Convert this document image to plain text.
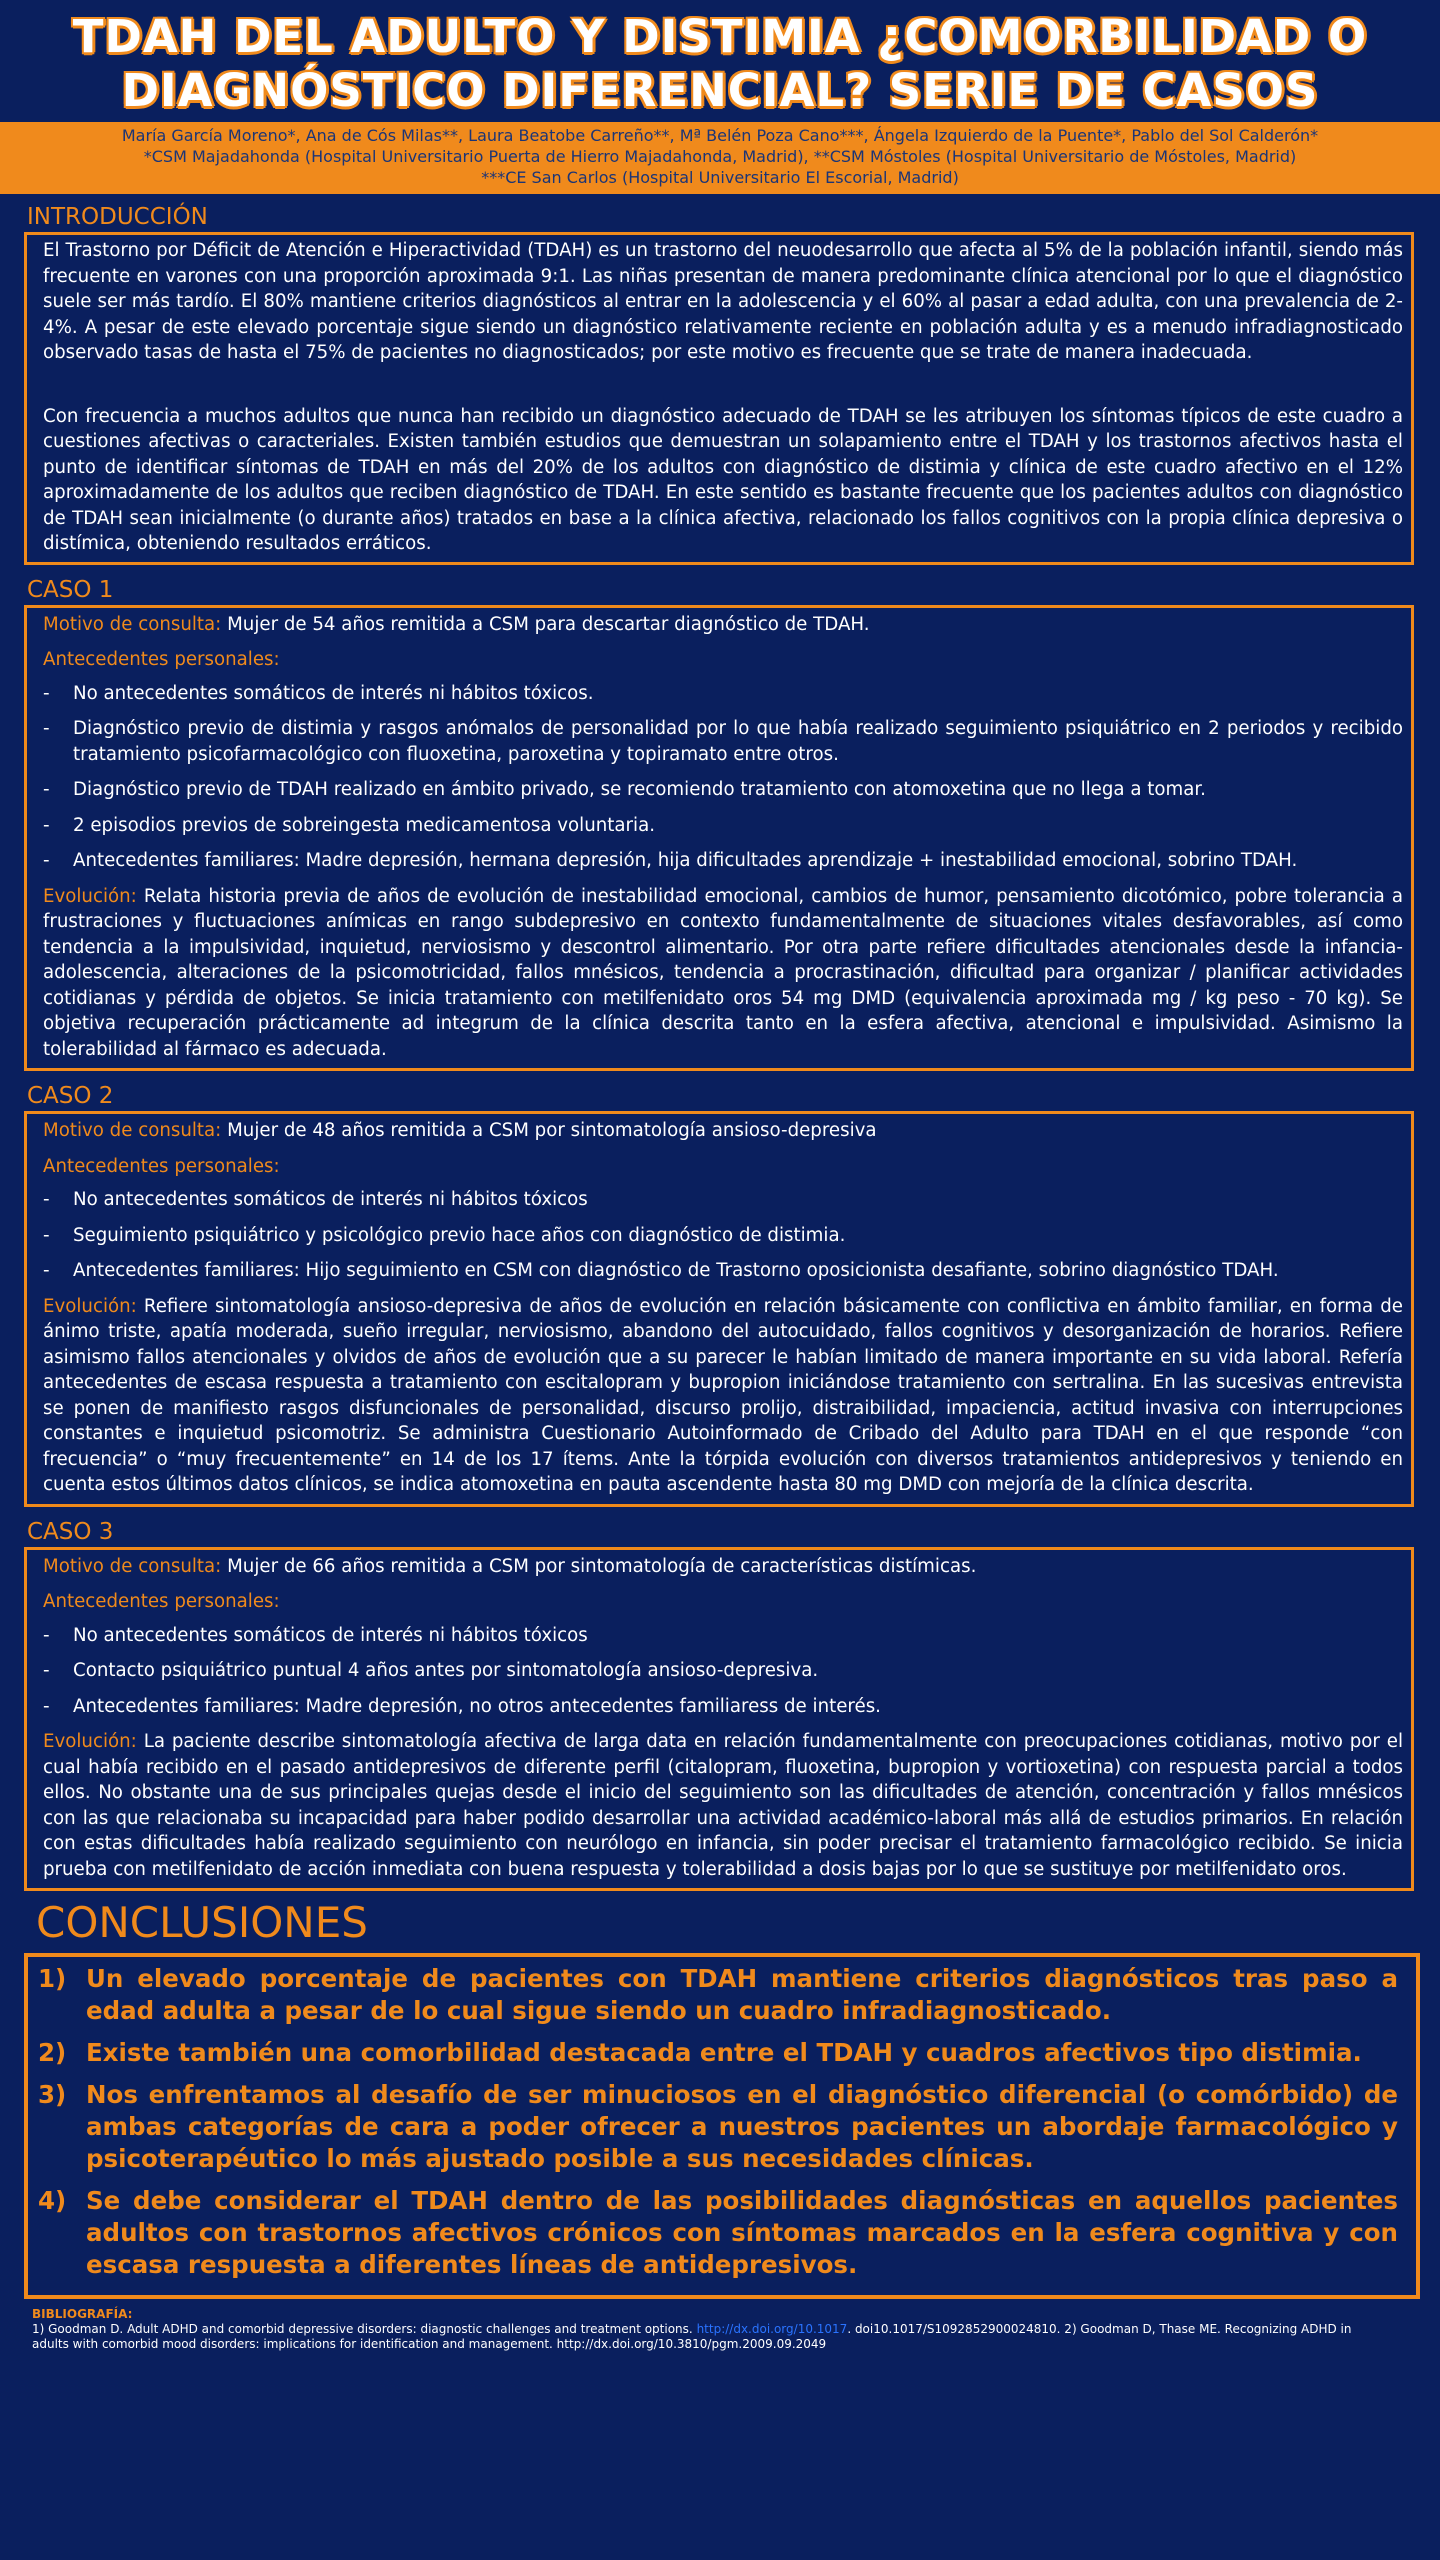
TDAH DEL ADULTO Y DISTIMIA ¿COMORBILIDAD O
DIAGNÓSTICO DIFERENCIAL? SERIE DE CASOS
María García Moreno*, Ana de Cós Milas**, Laura Beatobe Carreño**, Mª Belén Poza Cano***, Ángela Izquierdo de la Puente*, Pablo del Sol Calderón*
*CSM Majadahonda (Hospital Universitario Puerta de Hierro Majadahonda, Madrid), **CSM Móstoles (Hospital Universitario de Móstoles, Madrid)
***CE San Carlos (Hospital Universitario El Escorial, Madrid)
INTRODUCCIÓN

El Trastorno por Déficit de Atención e Hiperactividad (TDAH) es un trastorno del neuodesarrollo que afecta al 5% de la población infantil, siendo más frecuente en varones con una proporción aproximada 9:1. Las niñas presentan de manera predominante clínica atencional por lo que el diagnóstico suele ser más tardío. El 80% mantiene criterios diagnósticos al entrar en la adolescencia y el 60% al pasar a edad adulta, con una prevalencia de 2-4%. A pesar de este elevado porcentaje sigue siendo un diagnóstico relativamente reciente en población adulta y es a menudo infradiagnosticado observado tasas de hasta el 75% de pacientes no diagnosticados; por este motivo es frecuente que se trate de manera inadecuada.

Con frecuencia a muchos adultos que nunca han recibido un diagnóstico adecuado de TDAH se les atribuyen los síntomas típicos de este cuadro a cuestiones afectivas o caracteriales. Existen también estudios que demuestran un solapamiento entre el TDAH y los trastornos afectivos hasta el punto de identificar síntomas de TDAH en más del 20% de los adultos con diagnóstico de distimia y clínica de este cuadro afectivo en el 12% aproximadamente de los adultos que reciben diagnóstico de TDAH. En este sentido es bastante frecuente que los pacientes adultos con diagnóstico de TDAH sean inicialmente (o durante años) tratados en base a la clínica afectiva, relacionado los fallos cognitivos con la propia clínica depresiva o distímica, obteniendo resultados erráticos.

CASO 1

Motivo de consulta: Mujer de 54 años remitida a CSM para descartar diagnóstico de TDAH.

Antecedentes personales:

- No antecedentes somáticos de interés ni hábitos tóxicos.
- Diagnóstico previo de distimia y rasgos anómalos de personalidad por lo que había realizado seguimiento psiquiátrico en 2 periodos y recibido tratamiento psicofarmacológico con fluoxetina, paroxetina y topiramato entre otros.
- Diagnóstico previo de TDAH realizado en ámbito privado, se recomiendo tratamiento con atomoxetina que no llega a tomar.
- 2 episodios previos de sobreingesta medicamentosa voluntaria.
- Antecedentes familiares: Madre depresión, hermana depresión, hija dificultades aprendizaje + inestabilidad emocional, sobrino TDAH.

Evolución: Relata historia previa de años de evolución de inestabilidad emocional, cambios de humor, pensamiento dicotómico, pobre tolerancia a frustraciones y fluctuaciones anímicas en rango subdepresivo en contexto fundamentalmente de situaciones vitales desfavorables, así como tendencia a la impulsividad, inquietud, nerviosismo y descontrol alimentario. Por otra parte refiere dificultades atencionales desde la infancia-adolescencia, alteraciones de la psicomotricidad, fallos mnésicos, tendencia a procrastinación, dificultad para organizar / planificar actividades cotidianas y pérdida de objetos. Se inicia tratamiento con metilfenidato oros 54 mg DMD (equivalencia aproximada mg / kg peso - 70 kg). Se objetiva recuperación prácticamente ad integrum de la clínica descrita tanto en la esfera afectiva, atencional e impulsividad. Asimismo la tolerabilidad al fármaco es adecuada.

CASO 2

Motivo de consulta: Mujer de 48 años remitida a CSM por sintomatología ansioso-depresiva

Antecedentes personales:

- No antecedentes somáticos de interés ni hábitos tóxicos
- Seguimiento psiquiátrico y psicológico previo hace años con diagnóstico de distimia.
- Antecedentes familiares: Hijo seguimiento en CSM con diagnóstico de Trastorno oposicionista desafiante, sobrino diagnóstico TDAH.

Evolución: Refiere sintomatología ansioso-depresiva de años de evolución en relación básicamente con conflictiva en ámbito familiar, en forma de ánimo triste, apatía moderada, sueño irregular, nerviosismo, abandono del autocuidado, fallos cognitivos y desorganización de horarios. Refiere asimismo fallos atencionales y olvidos de años de evolución que a su parecer le habían limitado de manera importante en su vida laboral. Refería antecedentes de escasa respuesta a tratamiento con escitalopram y bupropion iniciándose tratamiento con sertralina. En las sucesivas entrevista se ponen de manifiesto rasgos disfuncionales de personalidad, discurso prolijo, distraibilidad, impaciencia, actitud invasiva con interrupciones constantes e inquietud psicomotriz. Se administra Cuestionario Autoinformado de Cribado del Adulto para TDAH en el que responde “con frecuencia” o “muy frecuentemente” en 14 de los 17 ítems. Ante la tórpida evolución con diversos tratamientos antidepresivos y teniendo en cuenta estos últimos datos clínicos, se indica atomoxetina en pauta ascendente hasta 80 mg DMD con mejoría de la clínica descrita.

CASO 3

Motivo de consulta: Mujer de 66 años remitida a CSM por sintomatología de características distímicas.

Antecedentes personales:

- No antecedentes somáticos de interés ni hábitos tóxicos
- Contacto psiquiátrico puntual 4 años antes por sintomatología ansioso-depresiva.
- Antecedentes familiares: Madre depresión, no otros antecedentes familiaress de interés.

Evolución: La paciente describe sintomatología afectiva de larga data en relación fundamentalmente con preocupaciones cotidianas, motivo por el cual había recibido en el pasado antidepresivos de diferente perfil (citalopram, fluoxetina, bupropion y vortioxetina) con respuesta parcial a todos ellos. No obstante una de sus principales quejas desde el inicio del seguimiento son las dificultades de atención, concentración y fallos mnésicos con las que relacionaba su incapacidad para haber podido desarrollar una actividad académico-laboral más allá de estudios primarios. En relación con estas dificultades había realizado seguimiento con neurólogo en infancia, sin poder precisar el tratamiento farmacológico recibido. Se inicia prueba con metilfenidato de acción inmediata con buena respuesta y tolerabilidad a dosis bajas por lo que se sustituye por metilfenidato oros.

CONCLUSIONES
1) Un elevado porcentaje de pacientes con TDAH mantiene criterios diagnósticos tras paso a edad adulta a pesar de lo cual sigue siendo un cuadro infradiagnosticado.
2) Existe también una comorbilidad destacada entre el TDAH y cuadros afectivos tipo distimia.
3) Nos enfrentamos al desafío de ser minuciosos en el diagnóstico diferencial (o comórbido) de ambas categorías de cara a poder ofrecer a nuestros pacientes un abordaje farmacológico y psicoterapéutico lo más ajustado posible a sus necesidades clínicas.
4) Se debe considerar el TDAH dentro de las posibilidades diagnósticas en aquellos pacientes adultos con trastornos afectivos crónicos con síntomas marcados en la esfera cognitiva y con escasa respuesta a diferentes líneas de antidepresivos.
BIBLIOGRAFÍA:
1) Goodman D. Adult ADHD and comorbid depressive disorders: diagnostic challenges and treatment options. http://dx.doi.org/10.1017. doi10.1017/S1092852900024810. 2) Goodman D, Thase ME. Recognizing ADHD in
adults with comorbid mood disorders: implications for identification and management. http://dx.doi.org/10.3810/pgm.2009.09.2049
